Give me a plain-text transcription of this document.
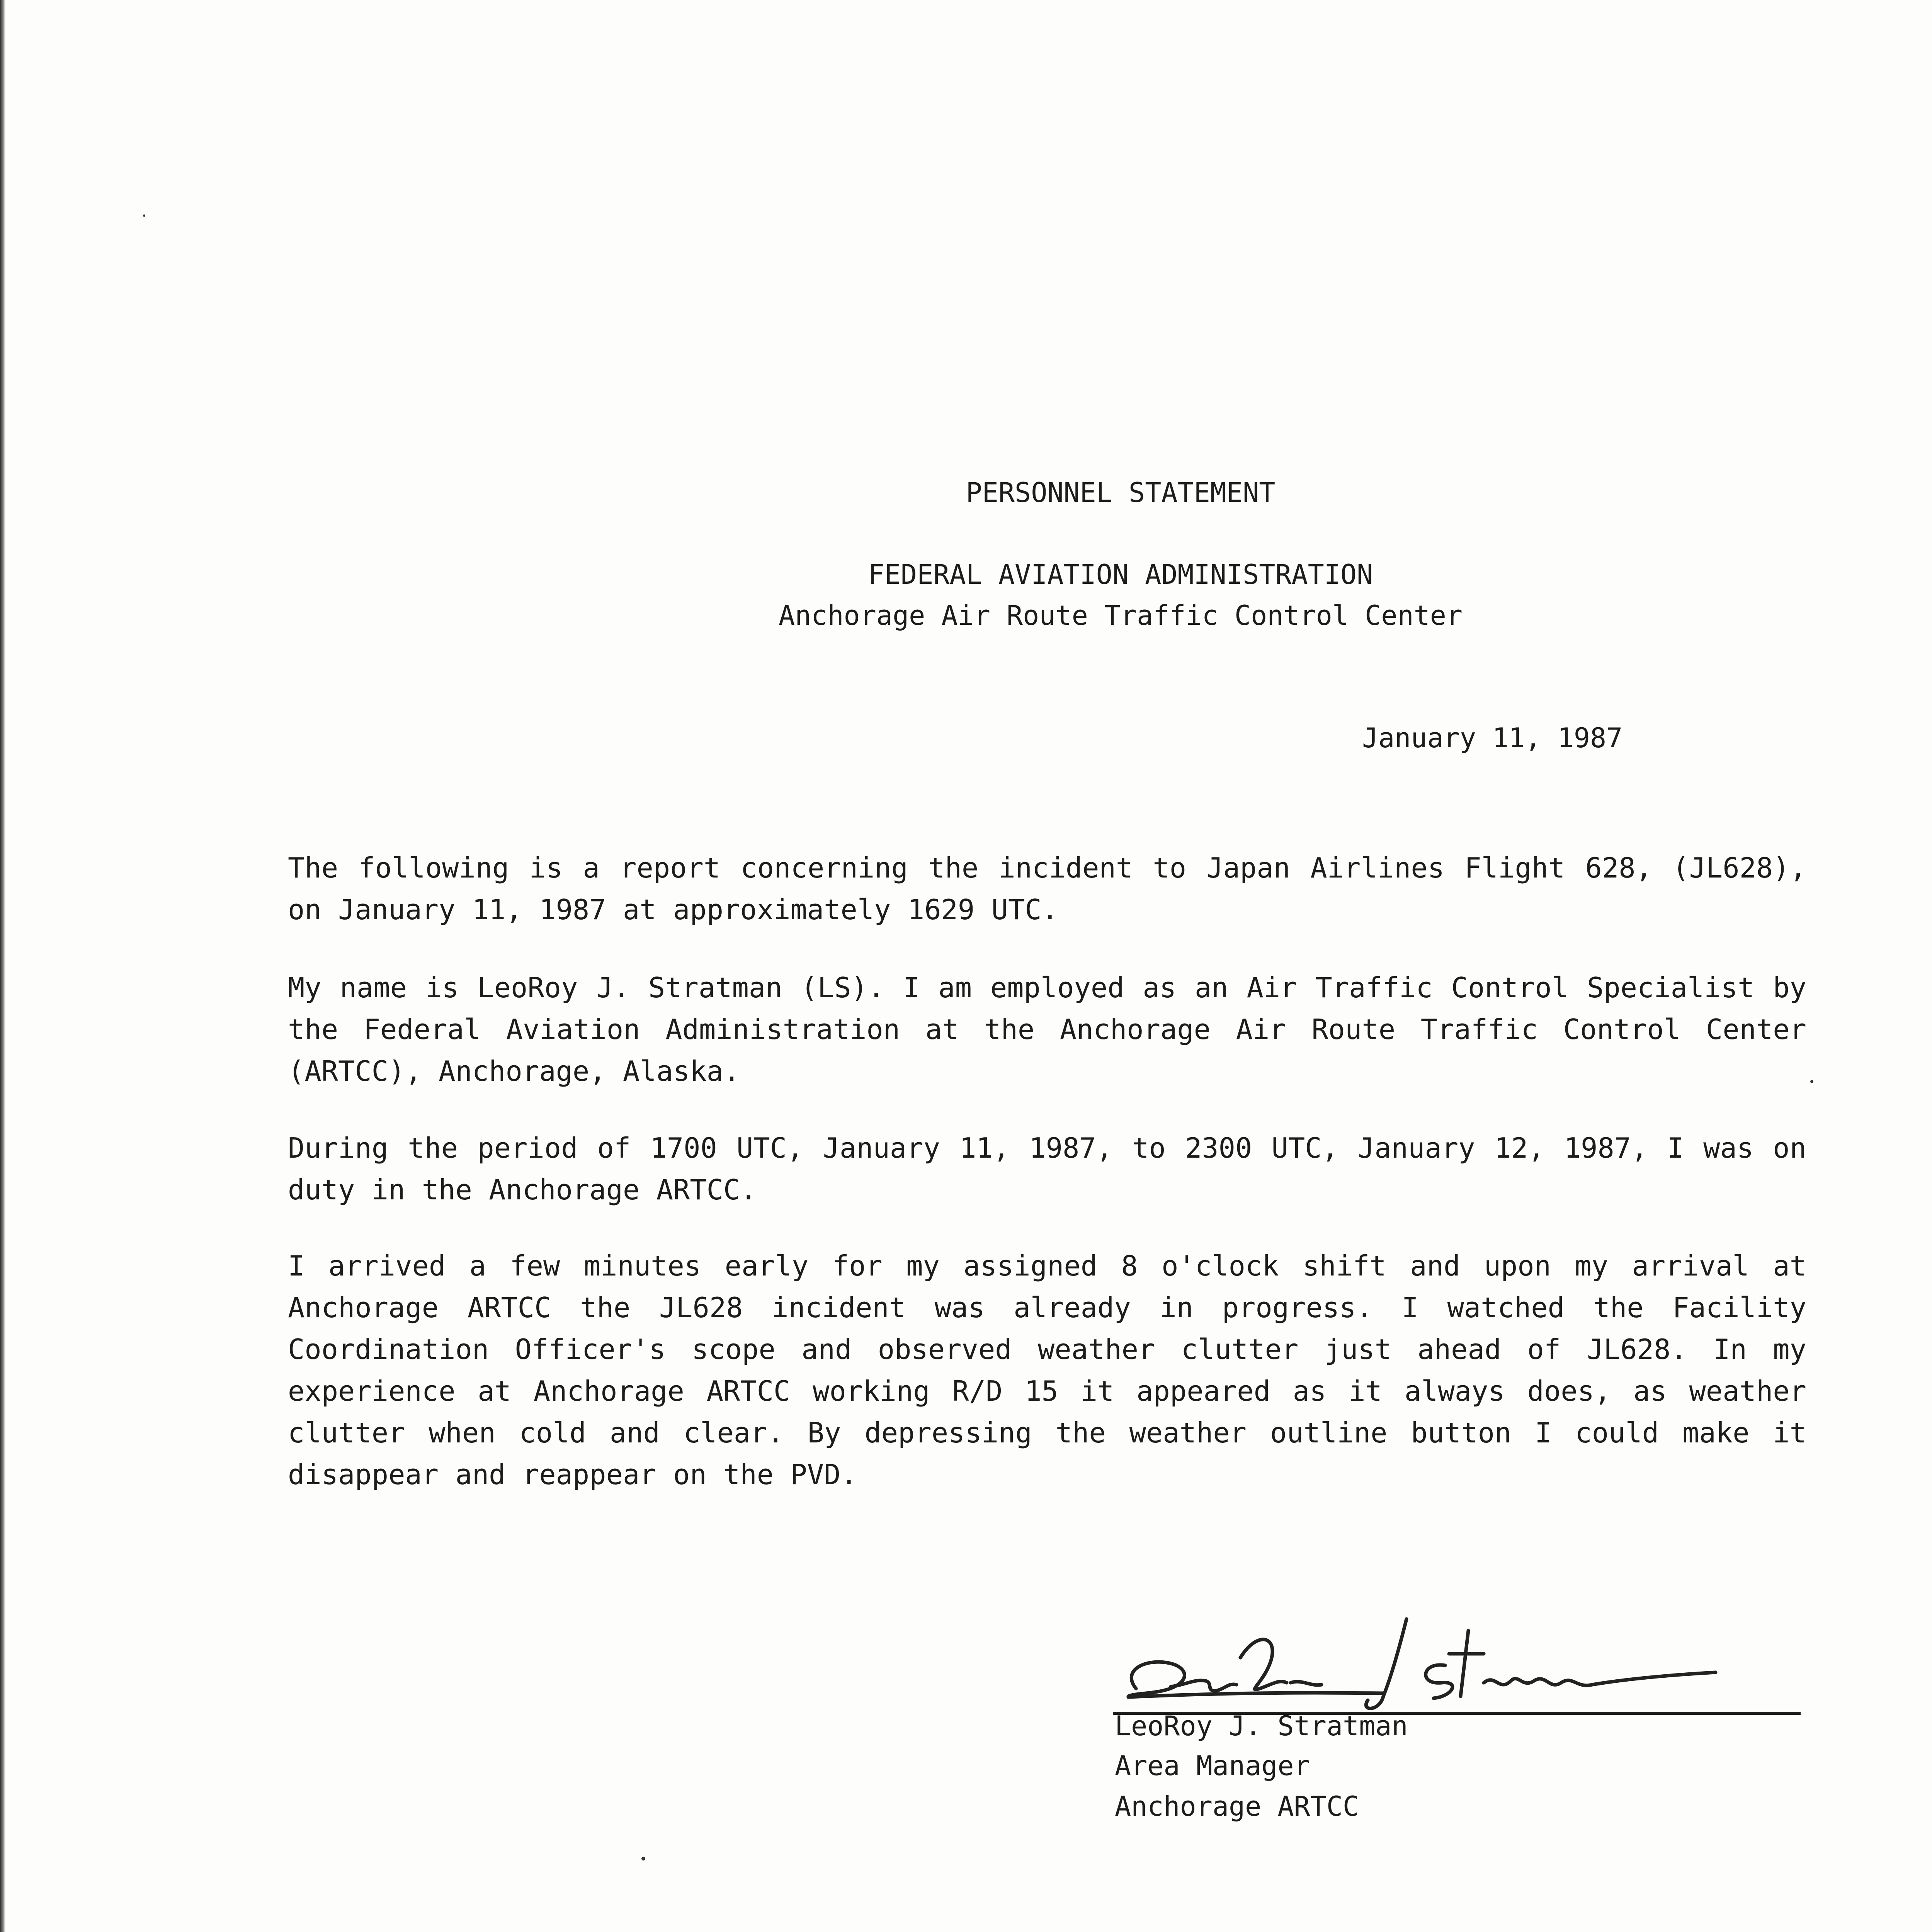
PERSONNEL STATEMENT
FEDERAL AVIATION ADMINISTRATION
Anchorage Air Route Traffic Control Center
January 11, 1987

The following is a report concerning the incident to Japan Airlines Flight 628, (JL628), on January 11, 1987 at approximately 1629 UTC.

My name is LeoRoy J. Stratman (LS). I am employed as an Air Traffic Control Specialist by the Federal Aviation Administration at the Anchorage Air Route Traffic Control Center (ARTCC), Anchorage, Alaska.

During the period of 1700 UTC, January 11, 1987, to 2300 UTC, January 12, 1987, I was on duty in the Anchorage ARTCC.

I arrived a few minutes early for my assigned 8 o'clock shift and upon my arrival at Anchorage ARTCC the JL628 incident was already in progress. I watched the Facility Coordination Officer's scope and observed weather clutter just ahead of JL628. In my experience at Anchorage ARTCC working R/D 15 it appeared as it always does, as weather clutter when cold and clear. By depressing the weather outline button I could make it disappear and reappear on the PVD.

LeoRoy J. Stratman
Area Manager
Anchorage ARTCC
